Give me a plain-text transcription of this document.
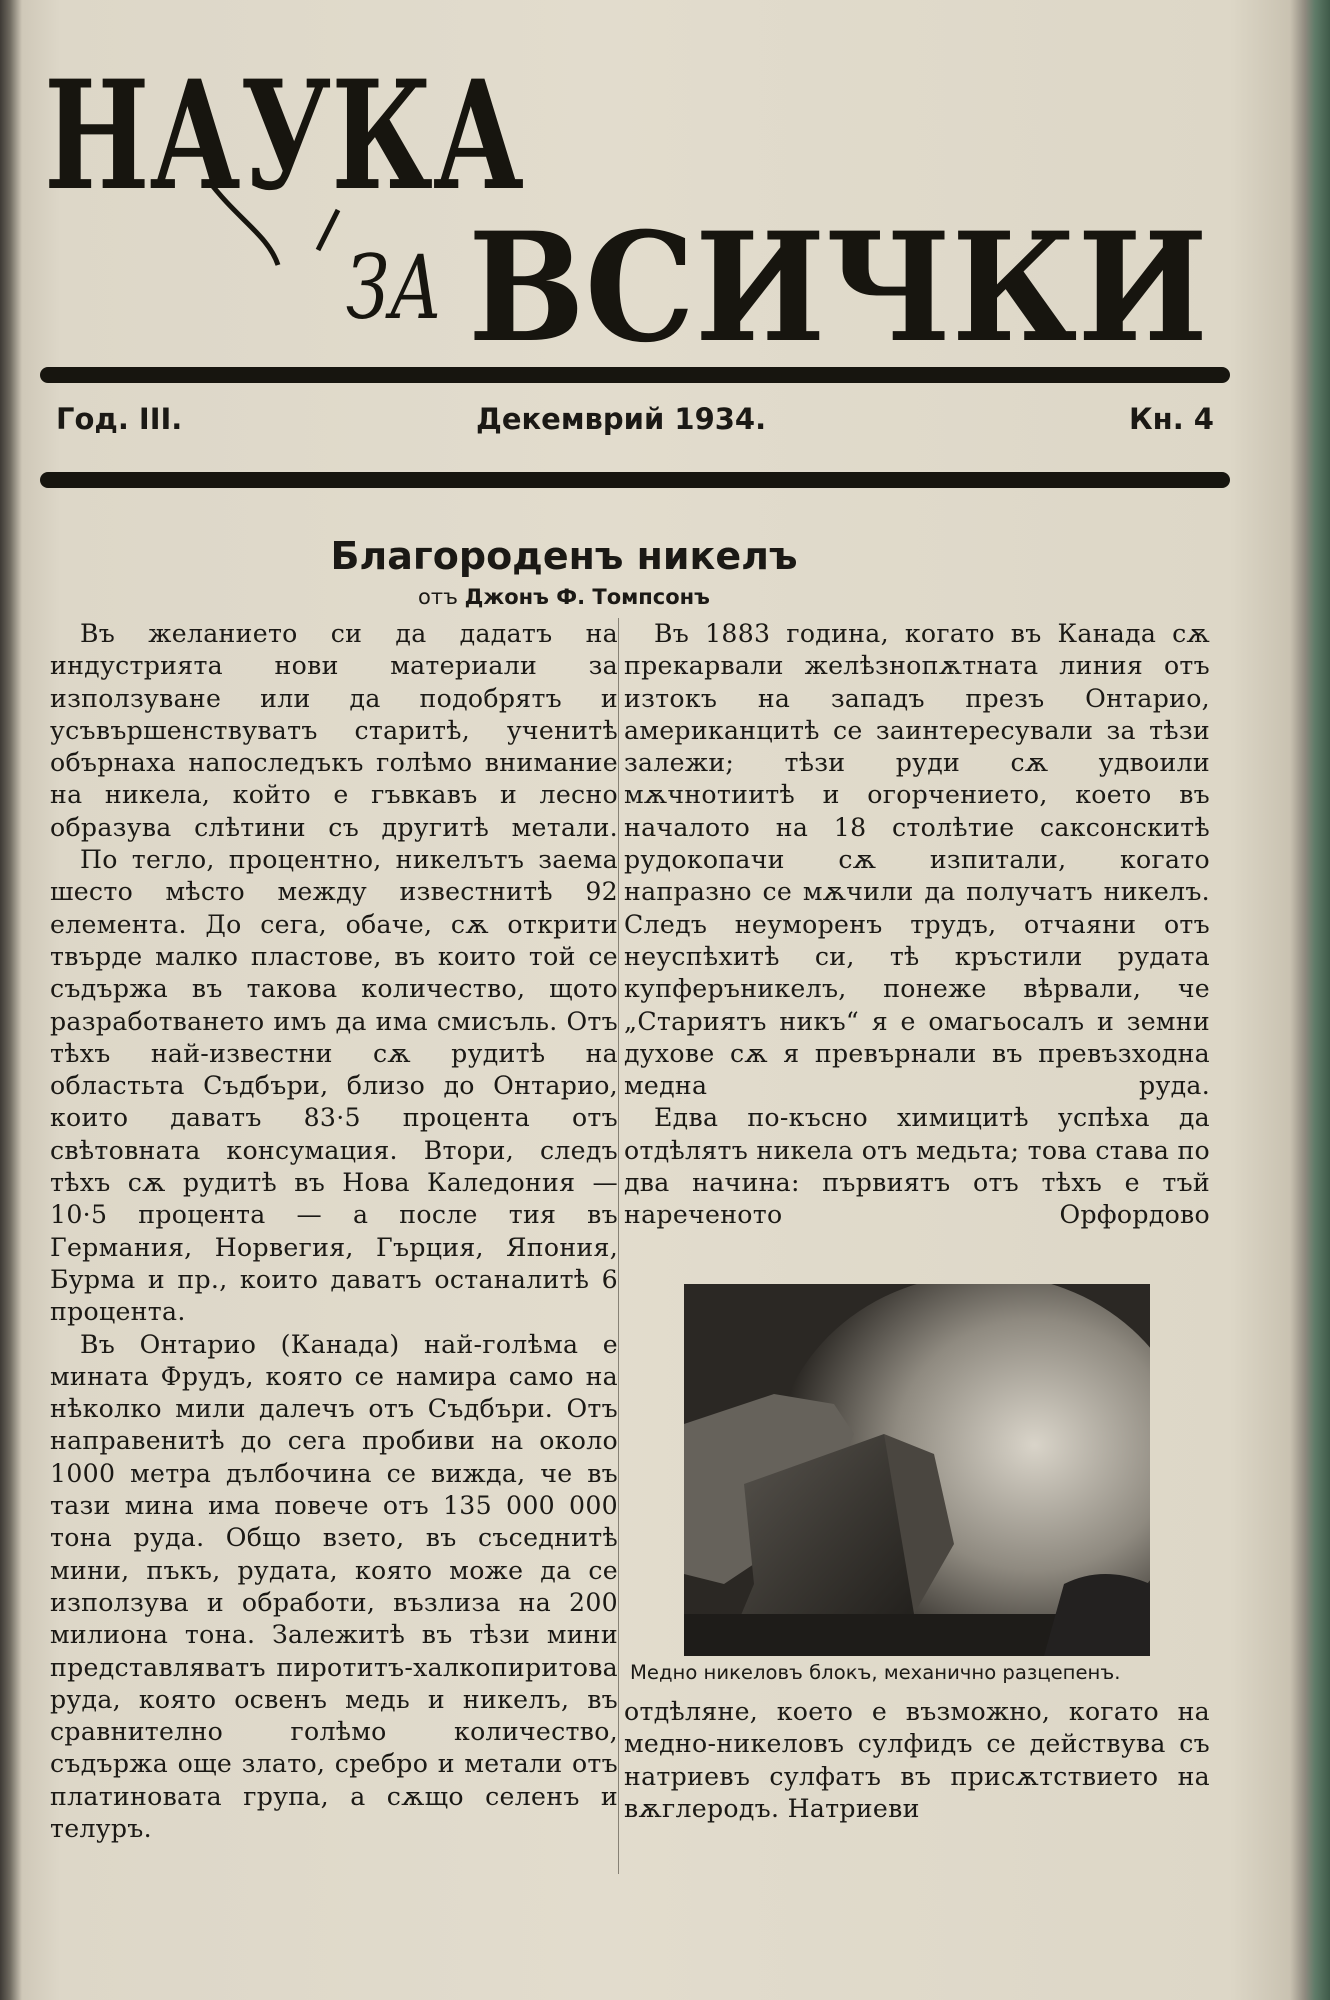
НАУКА
ЗА ВСИЧКИ
Год. III.	Декемврий 1934.	Кн. 4
Благороденъ никелъ
отъ Джонъ Ф. Томпсонъ

Въ желанието си да дадатъ на индустрията нови материали за използуване или да подобрятъ и усъвършенствуватъ старитѣ, ученитѣ обърнаха напоследъкъ голѣмо внимание на никела, който е гъвкавъ и лесно образува слѣтини съ другитѣ метали.

По тегло, процентно, никелътъ заема шесто мѣсто между известнитѣ 92 елемента. До сега, обаче, сѫ открити твърде малко пластове, въ които той се съдържа въ такова количество, щото разработването имъ да има смисъль. Отъ тѣхъ най-известни сѫ рудитѣ на областьта Съдбъри, близо до Онтарио, които даватъ 83·5 процента отъ свѣтовната консумация. Втори, следъ тѣхъ сѫ рудитѣ въ Нова Каледония — 10·5 процента — а после тия въ Германия, Норвегия, Гърция, Япония, Бурма и пр., които даватъ останалитѣ 6 процента.

Въ Онтарио (Канада) най-голѣма е мината Фрудъ, която се намира само на нѣколко мили далечъ отъ Съдбъри. Отъ направенитѣ до сега пробиви на около 1000 метра дълбочина се вижда, че въ тази мина има повече отъ 135 000 000 тона руда. Общо взето, въ съседнитѣ мини, пъкъ, рудата, която може да се използува и обработи, възлиза на 200 милиона тона. Залежитѣ въ тѣзи мини представляватъ пиротитъ-халкопиритова руда, която освенъ медь и никелъ, въ сравнително голѣмо количество, съдържа още злато, сребро и метали отъ платиновата група, а сѫщо селенъ и телуръ.

Въ 1883 година, когато въ Канада сѫ прекарвали желѣзнопѫтната линия отъ изтокъ на западъ презъ Онтарио, американцитѣ се заинтересували за тѣзи залежи; тѣзи руди сѫ удвоили мѫчнотиитѣ и огорчението, което въ началото на 18 столѣтие саксонскитѣ рудокопачи сѫ изпитали, когато напразно се мѫчили да получатъ никелъ. Следъ неуморенъ трудъ, отчаяни отъ неуспѣхитѣ си, тѣ кръстили рудата купферъникелъ, понеже вѣрвали, че „Стариятъ никъ“ я е омагьосалъ и земни духове сѫ я превърнали въ превъзходна медна руда.

Едва по-късно химицитѣ успѣха да отдѣлятъ никела отъ медьта; това става по два начина: първиятъ отъ тѣхъ е тъй нареченото Орфордово

Медно никеловъ блокъ, механично разцепенъ.

отдѣляне, което е възможно, когато на медно-никеловъ сулфидъ се действува съ натриевъ сулфатъ въ присѫтствието на вѫглеродъ. Натриеви
